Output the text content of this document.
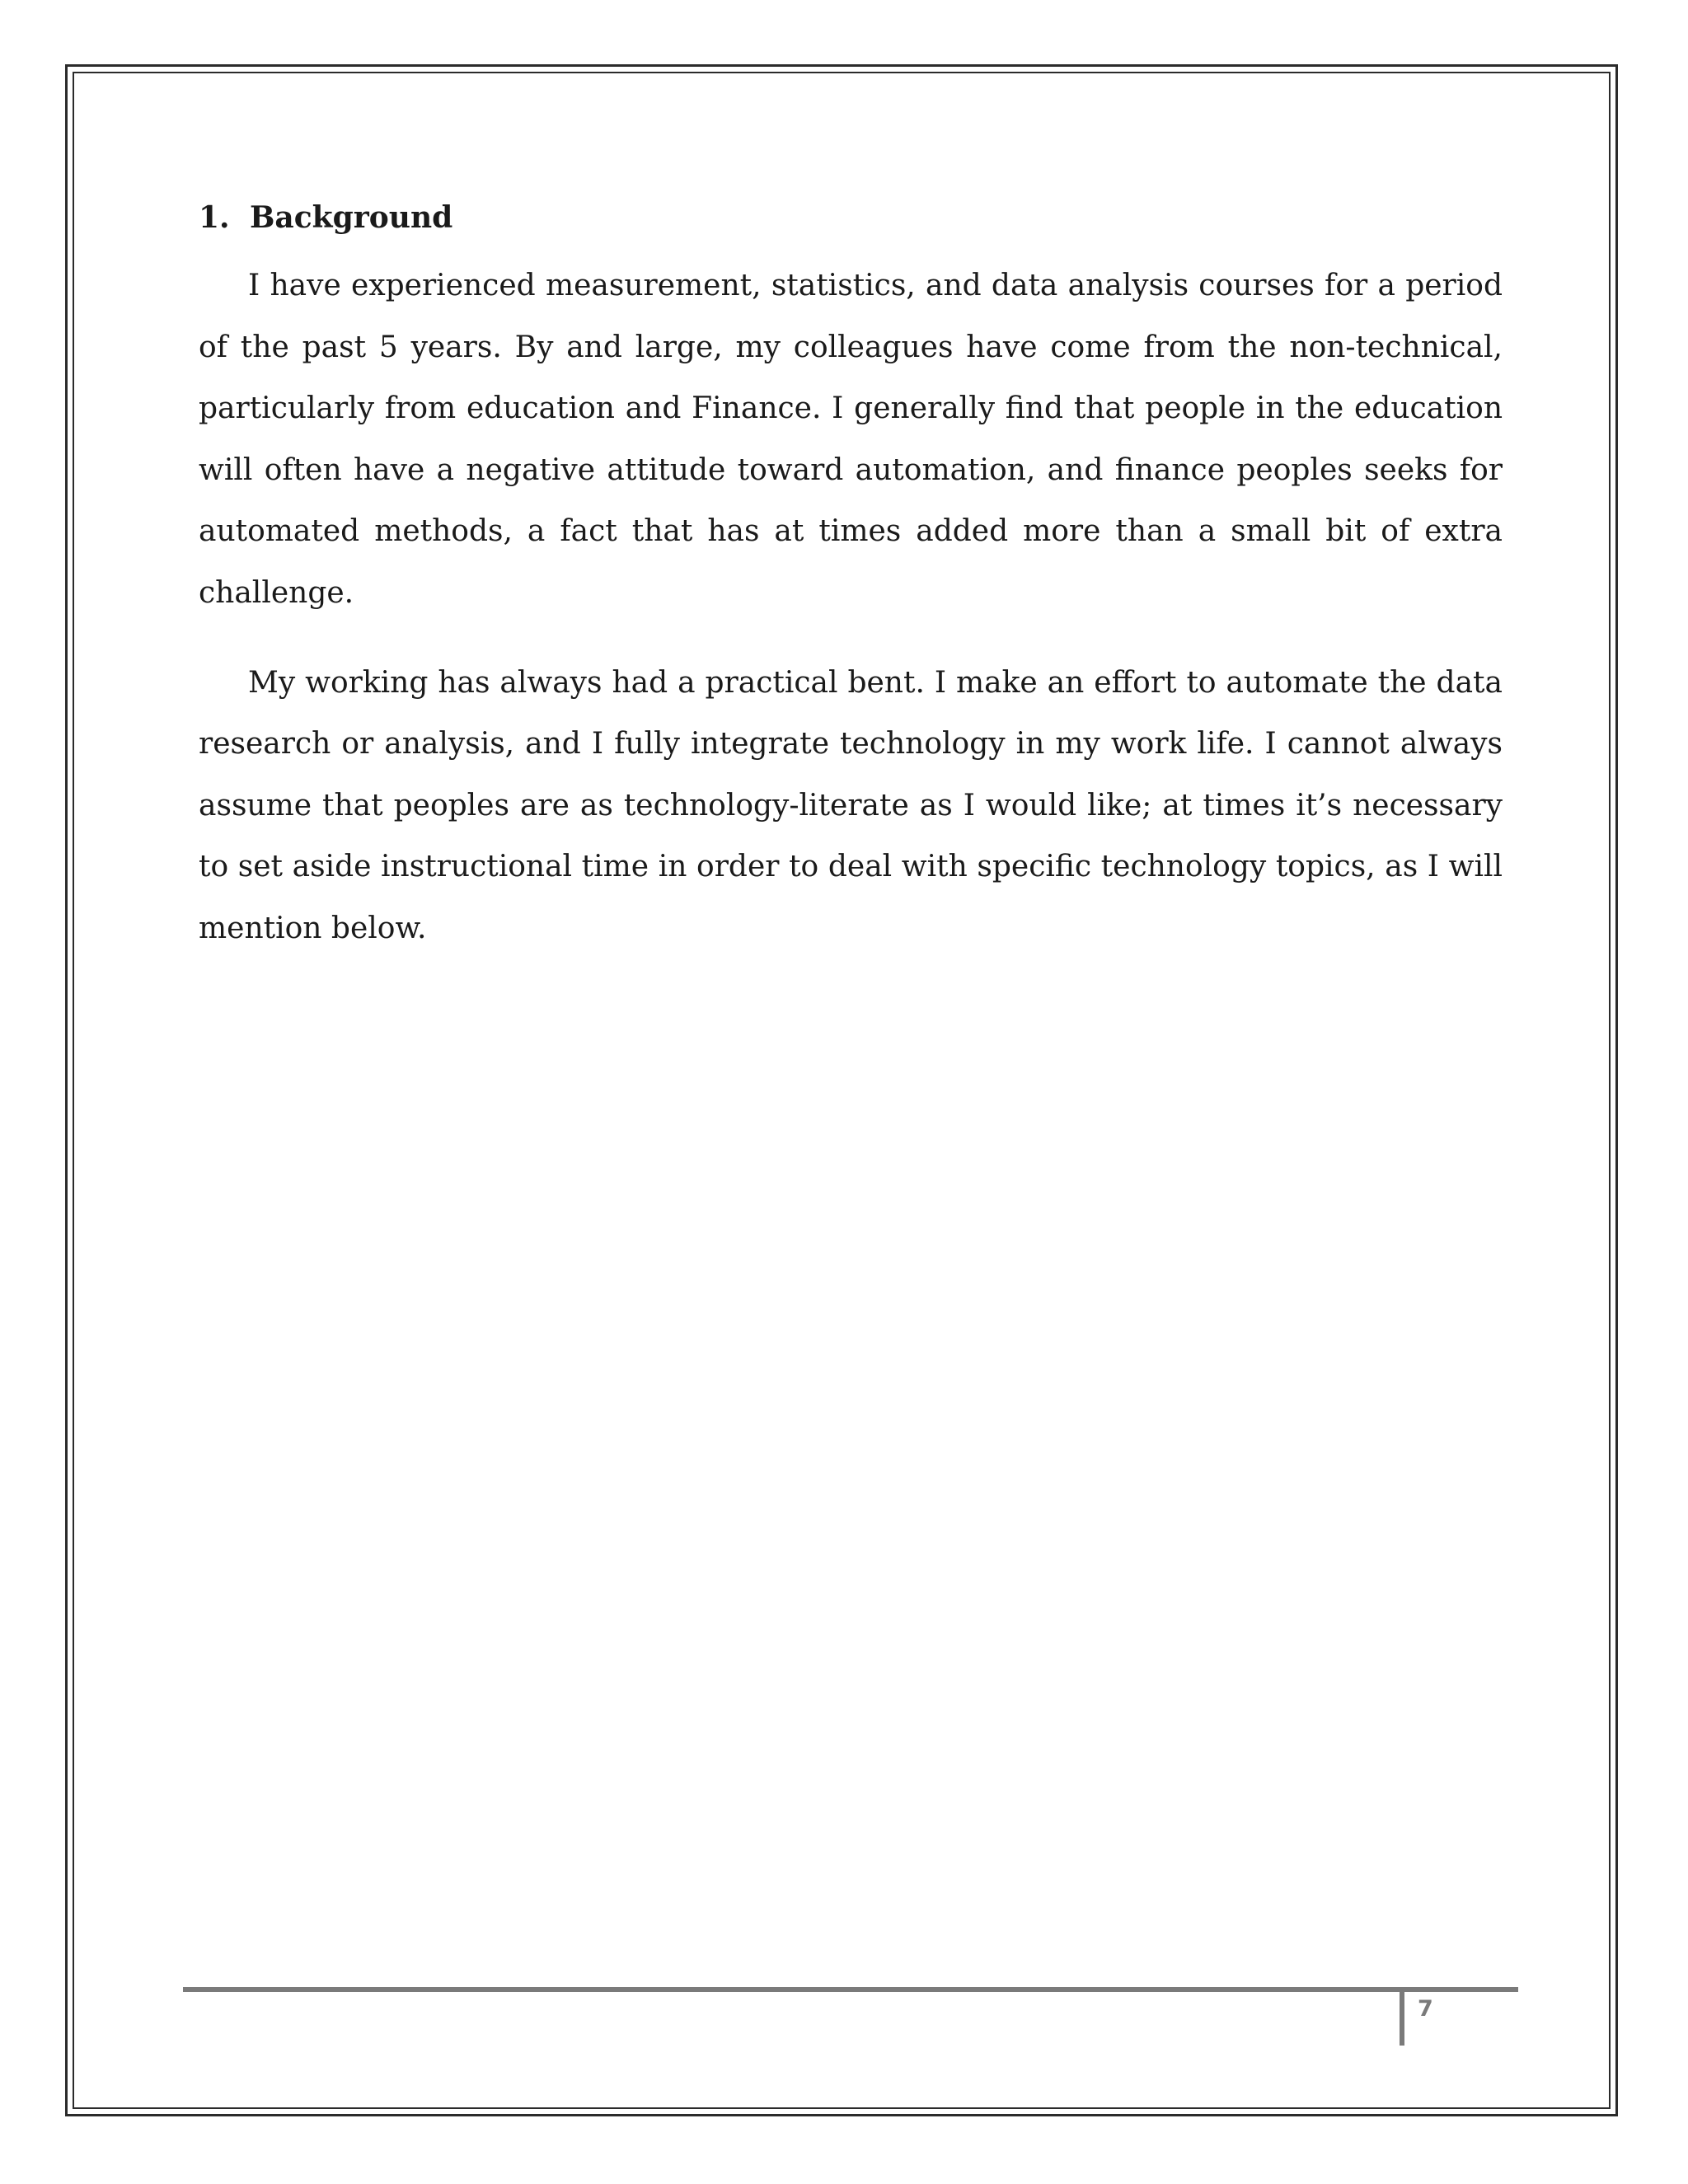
1. Background

I have experienced measurement, statistics, and data analysis courses for a period of the past 5 years. By and large, my colleagues have come from the non-technical, particularly from education and Finance. I generally find that people in the education will often have a negative attitude toward automation, and finance peoples seeks for automated methods, a fact that has at times added more than a small bit of extra challenge.

My working has always had a practical bent. I make an effort to automate the data research or analysis, and I fully integrate technology in my work life. I cannot always assume that peoples are as technology-literate as I would like; at times it’s necessary to set aside instructional time in order to deal with specific technology topics, as I will mention below.

7
